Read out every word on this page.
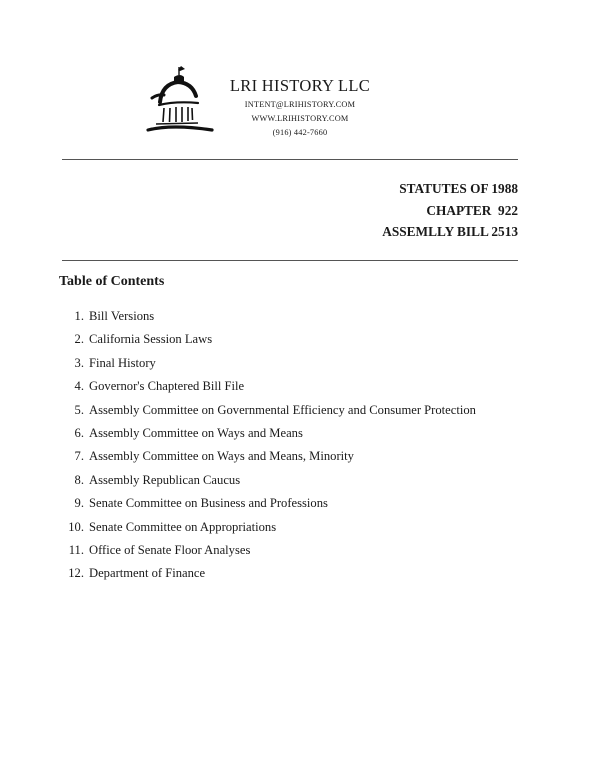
LRI HISTORY LLC
INTENT@LRIHISTORY.COM
WWW.LRIHISTORY.COM
(916) 442-7660
STATUTES OF 1988
CHAPTER  922
ASSEMLLY BILL 2513
Table of Contents
1. Bill Versions
2. California Session Laws
3. Final History
4. Governor's Chaptered Bill File
5. Assembly Committee on Governmental Efficiency and Consumer Protection
6. Assembly Committee on Ways and Means
7. Assembly Committee on Ways and Means, Minority
8. Assembly Republican Caucus
9. Senate Committee on Business and Professions
10. Senate Committee on Appropriations
11. Office of Senate Floor Analyses
12. Department of Finance
